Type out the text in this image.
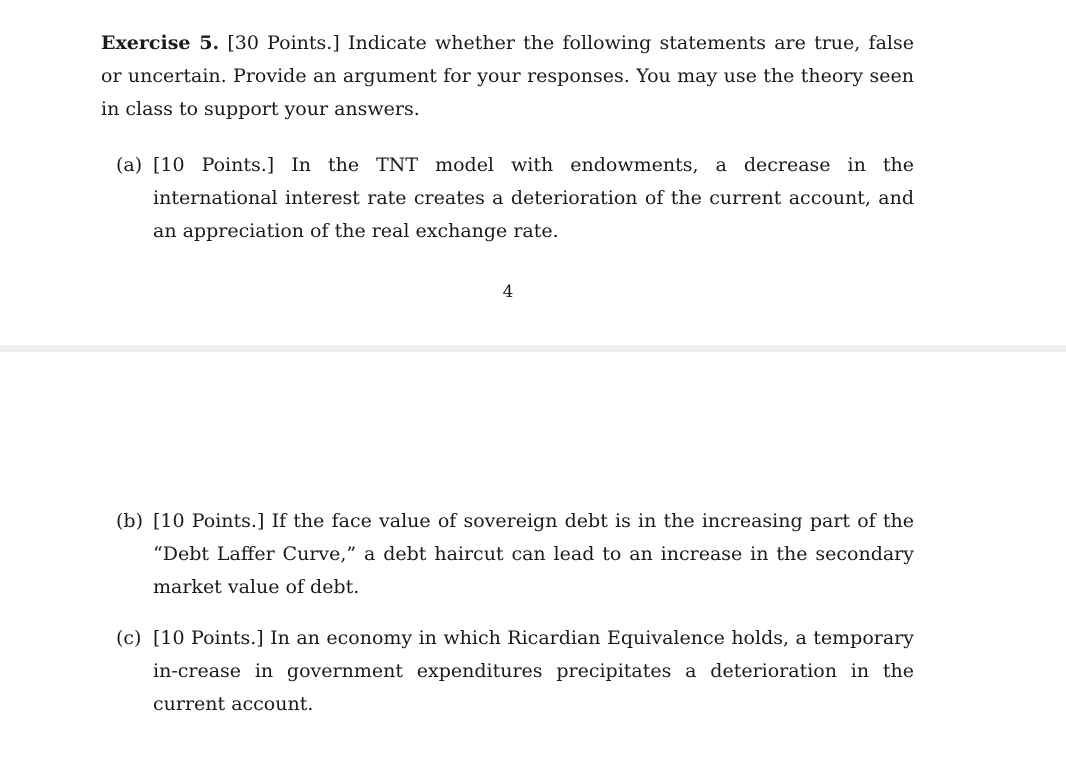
Exercise 5. [30 Points.] Indicate whether the following statements are true, false or uncertain. Provide an argument for your responses. You may use the theory seen in class to support your answers.

(a) [10 Points.] In the TNT model with endowments, a decrease in the international interest rate creates a deterioration of the current account, and an appreciation of the real exchange rate.
4
(b) [10 Points.] If the face value of sovereign debt is in the increasing part of the “Debt Laffer Curve,” a debt haircut can lead to an increase in the secondary market value of debt.
(c) [10 Points.] In an economy in which Ricardian Equivalence holds, a temporary in-crease in government expenditures precipitates a deterioration in the current account.
